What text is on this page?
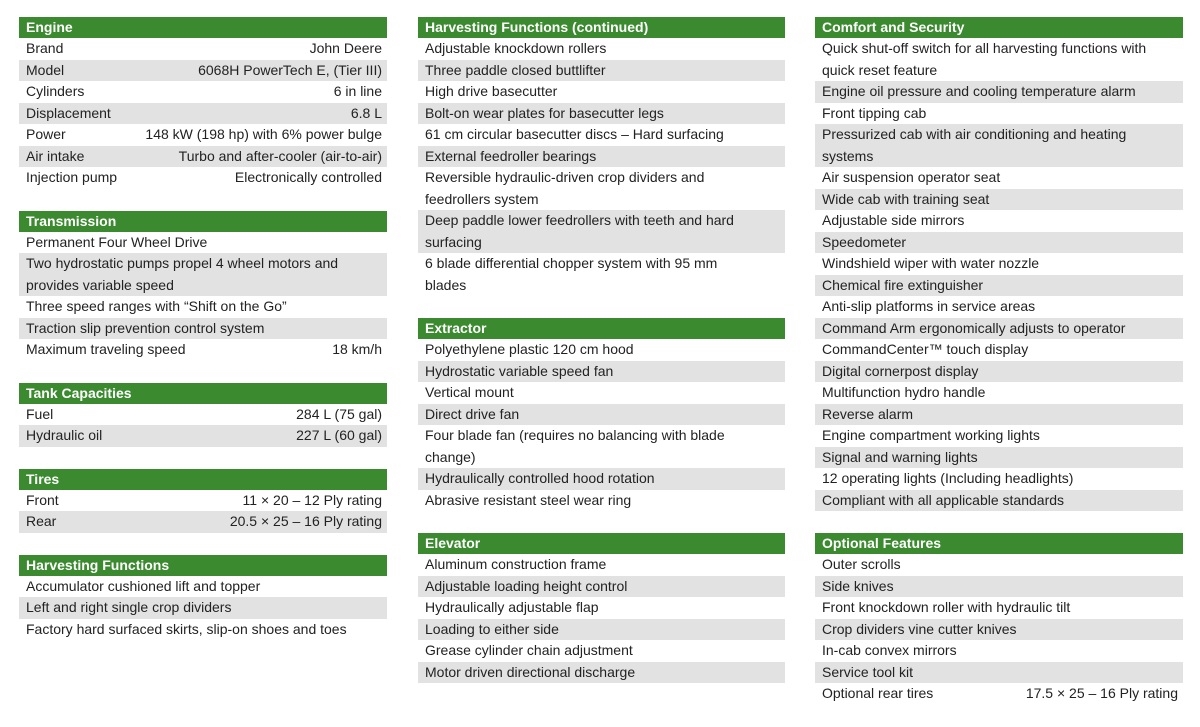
Engine
Brand	John Deere
Model	6068H PowerTech E, (Tier III)
Cylinders	6 in line
Displacement	6.8 L
Power	148 kW (198 hp) with 6% power bulge
Air intake	Turbo and after-cooler (air-to-air)
Injection pump	Electronically controlled
Transmission
Permanent Four Wheel Drive
Two hydrostatic pumps propel 4 wheel motors and provides variable speed
Three speed ranges with “Shift on the Go”
Traction slip prevention control system
Maximum traveling speed	18 km/h
Tank Capacities
Fuel	284 L (75 gal)
Hydraulic oil	227 L (60 gal)
Tires
Front	11 × 20 – 12 Ply rating
Rear	20.5 × 25 – 16 Ply rating
Harvesting Functions
Accumulator cushioned lift and topper
Left and right single crop dividers
Factory hard surfaced skirts, slip-on shoes and toes
Harvesting Functions (continued)
Adjustable knockdown rollers
Three paddle closed buttlifter
High drive basecutter
Bolt-on wear plates for basecutter legs
61 cm circular basecutter discs – Hard surfacing
External feedroller bearings
Reversible hydraulic-driven crop dividers and feedrollers system
Deep paddle lower feedrollers with teeth and hard surfacing
6 blade differential chopper system with 95 mm blades
Extractor
Polyethylene plastic 120 cm hood
Hydrostatic variable speed fan
Vertical mount
Direct drive fan
Four blade fan (requires no balancing with blade change)
Hydraulically controlled hood rotation
Abrasive resistant steel wear ring
Elevator
Aluminum construction frame
Adjustable loading height control
Hydraulically adjustable flap
Loading to either side
Grease cylinder chain adjustment
Motor driven directional discharge
Comfort and Security
Quick shut-off switch for all harvesting functions with quick reset feature
Engine oil pressure and cooling temperature alarm
Front tipping cab
Pressurized cab with air conditioning and heating systems
Air suspension operator seat
Wide cab with training seat
Adjustable side mirrors
Speedometer
Windshield wiper with water nozzle
Chemical fire extinguisher
Anti-slip platforms in service areas
Command Arm ergonomically adjusts to operator
CommandCenter™ touch display
Digital cornerpost display
Multifunction hydro handle
Reverse alarm
Engine compartment working lights
Signal and warning lights
12 operating lights (Including headlights)
Compliant with all applicable standards
Optional Features
Outer scrolls
Side knives
Front knockdown roller with hydraulic tilt
Crop dividers vine cutter knives
In-cab convex mirrors
Service tool kit
Optional rear tires	17.5 × 25 – 16 Ply rating
